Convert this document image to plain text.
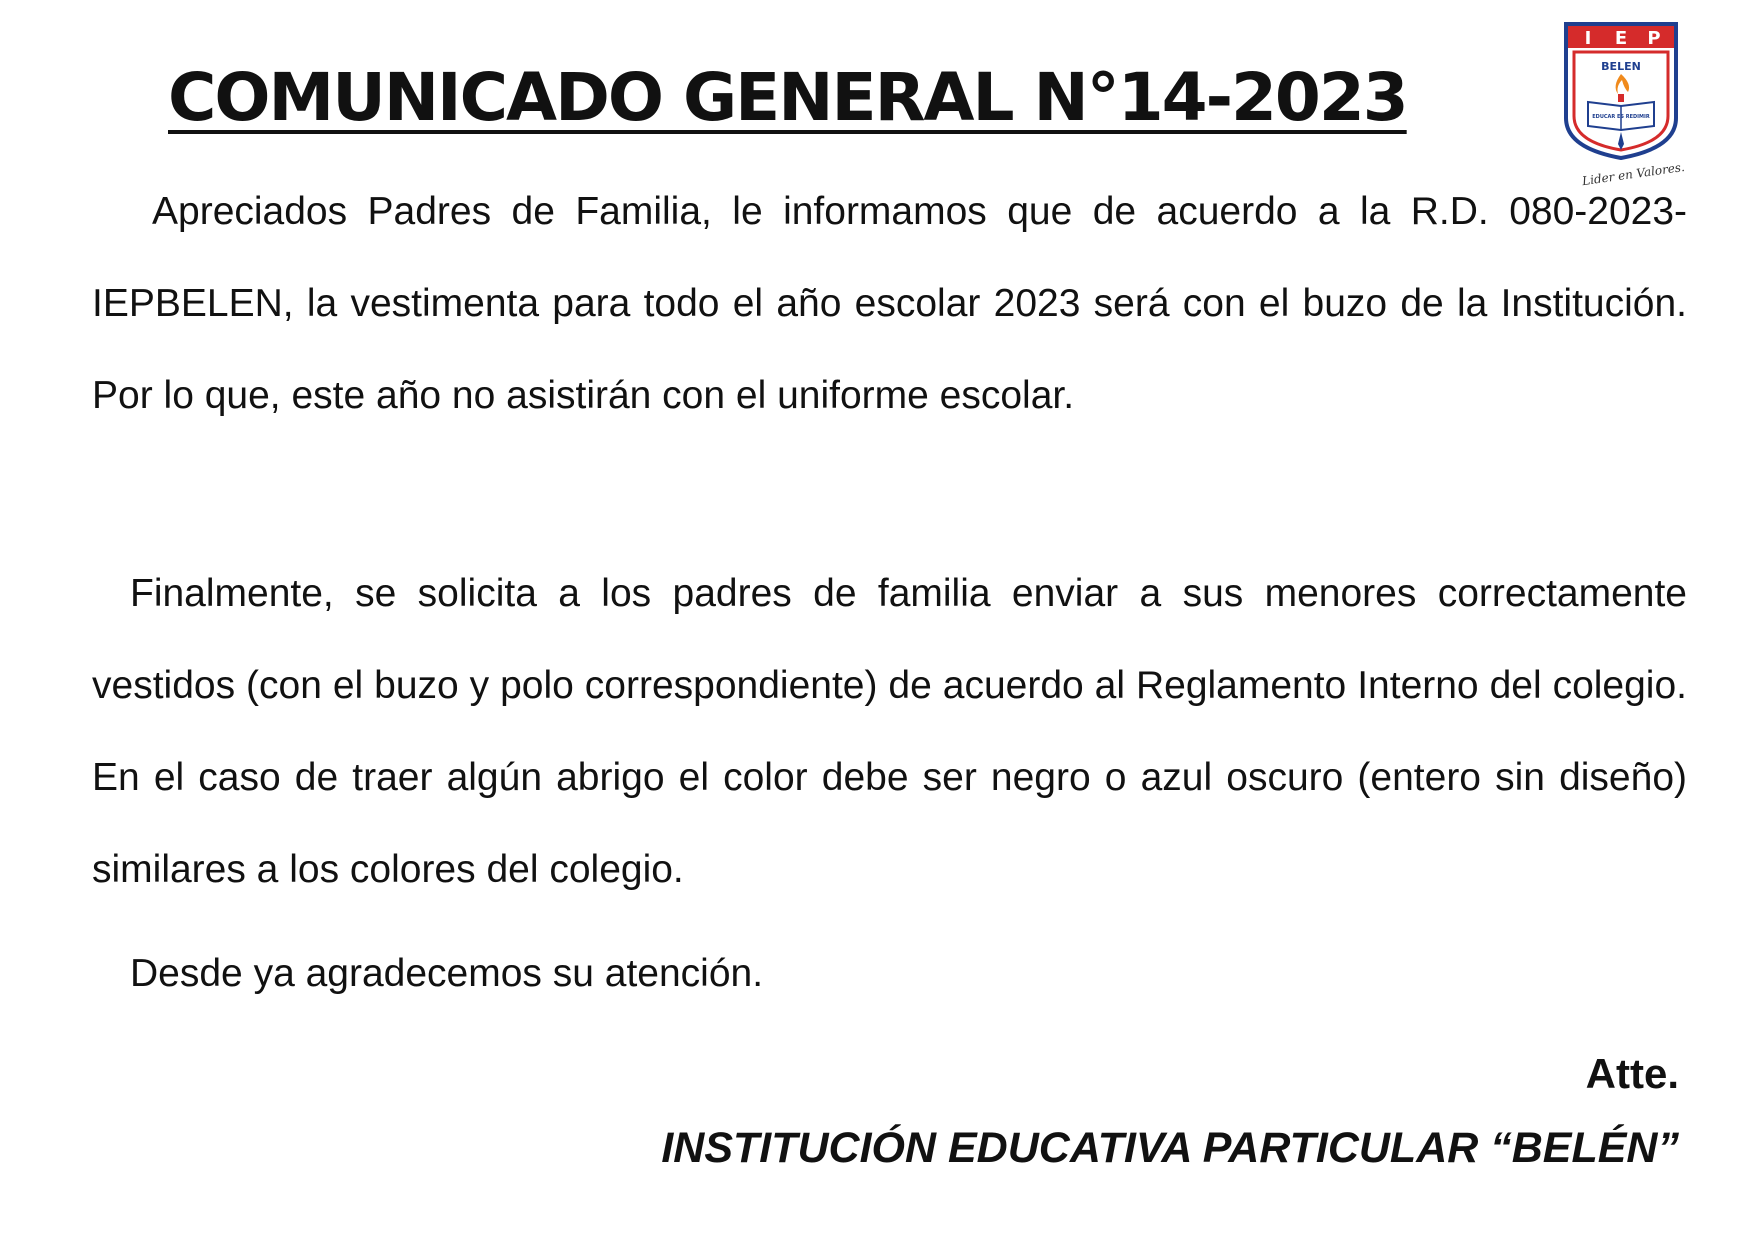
COMUNICADO GENERAL N°14-2023
I E P
BELEN
EDUCAR ES REDIMIR
Lider en Valores.

Apreciados Padres de Familia, le informamos que de acuerdo a la R.D. 080-2023-IEPBELEN, la vestimenta para todo el año escolar 2023 será con el buzo de la Institución. Por lo que, este año no asistirán con el uniforme escolar.

Finalmente, se solicita a los padres de familia enviar a sus menores correctamente vestidos (con el buzo y polo correspondiente) de acuerdo al Reglamento Interno del colegio. En el caso de traer algún abrigo el color debe ser negro o azul oscuro (entero sin diseño) similares a los colores del colegio.

Desde ya agradecemos su atención.

Atte.
INSTITUCIÓN EDUCATIVA PARTICULAR “BELÉN”
